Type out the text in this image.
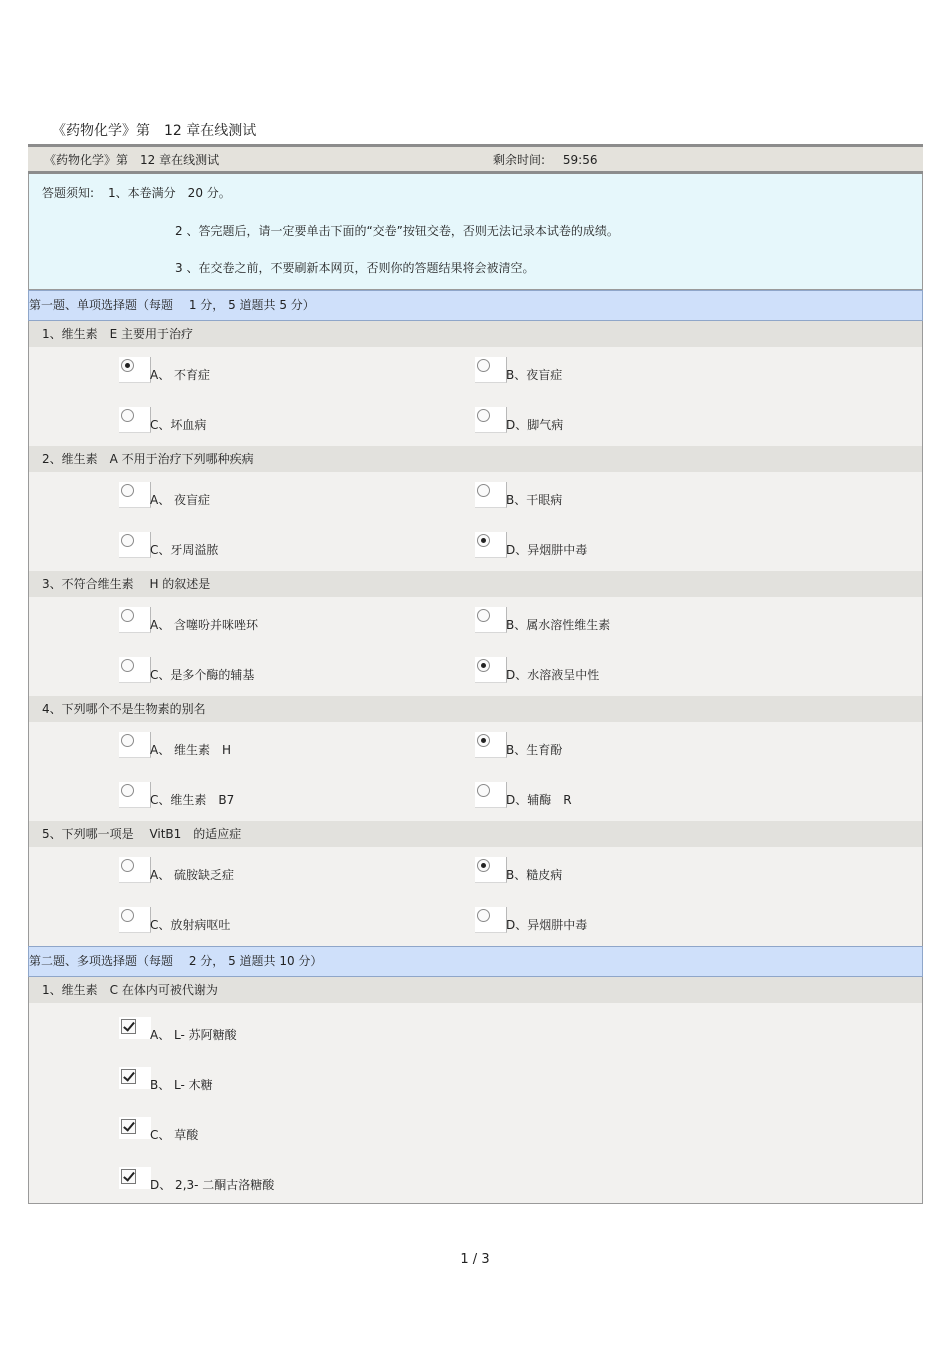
《药物化学》第　12 章在线测试
《药物化学》第　12 章在线测试	剩余时间: 59:56
答题须知: 1、本卷满分　20 分。
2 、答完题后，请一定要单击下面的“交卷”按钮交卷，否则无法记录本试卷的成绩。
3 、在交卷之前，不要刷新本网页，否则你的答题结果将会被清空。
第一题、单项选择题（每题　 1 分， 5 道题共 5 分）
1、维生素　E 主要用于治疗
A、 不育症	B、夜盲症
C、坏血病	D、脚气病
2、维生素　A 不用于治疗下列哪种疾病
A、 夜盲症	B、干眼病
C、牙周溢脓	D、异烟肼中毒
3、不符合维生素　 H 的叙述是
A、 含噻吩并咪唑环	B、属水溶性维生素
C、是多个酶的辅基	D、水溶液呈中性
4、下列哪个不是生物素的别名
A、 维生素　H	B、生育酚
C、维生素　B7	D、辅酶　R
5、下列哪一项是　 VitB1　的适应症
A、 硫胺缺乏症	B、糙皮病
C、放射病呕吐	D、异烟肼中毒
第二题、多项选择题（每题　 2 分， 5 道题共 10 分）
1、维生素　C 在体内可被代谢为
A、 L- 苏阿糖酸
B、 L- 木糖
C、 草酸
D、 2,3- 二酮古洛糖酸
1 / 3
